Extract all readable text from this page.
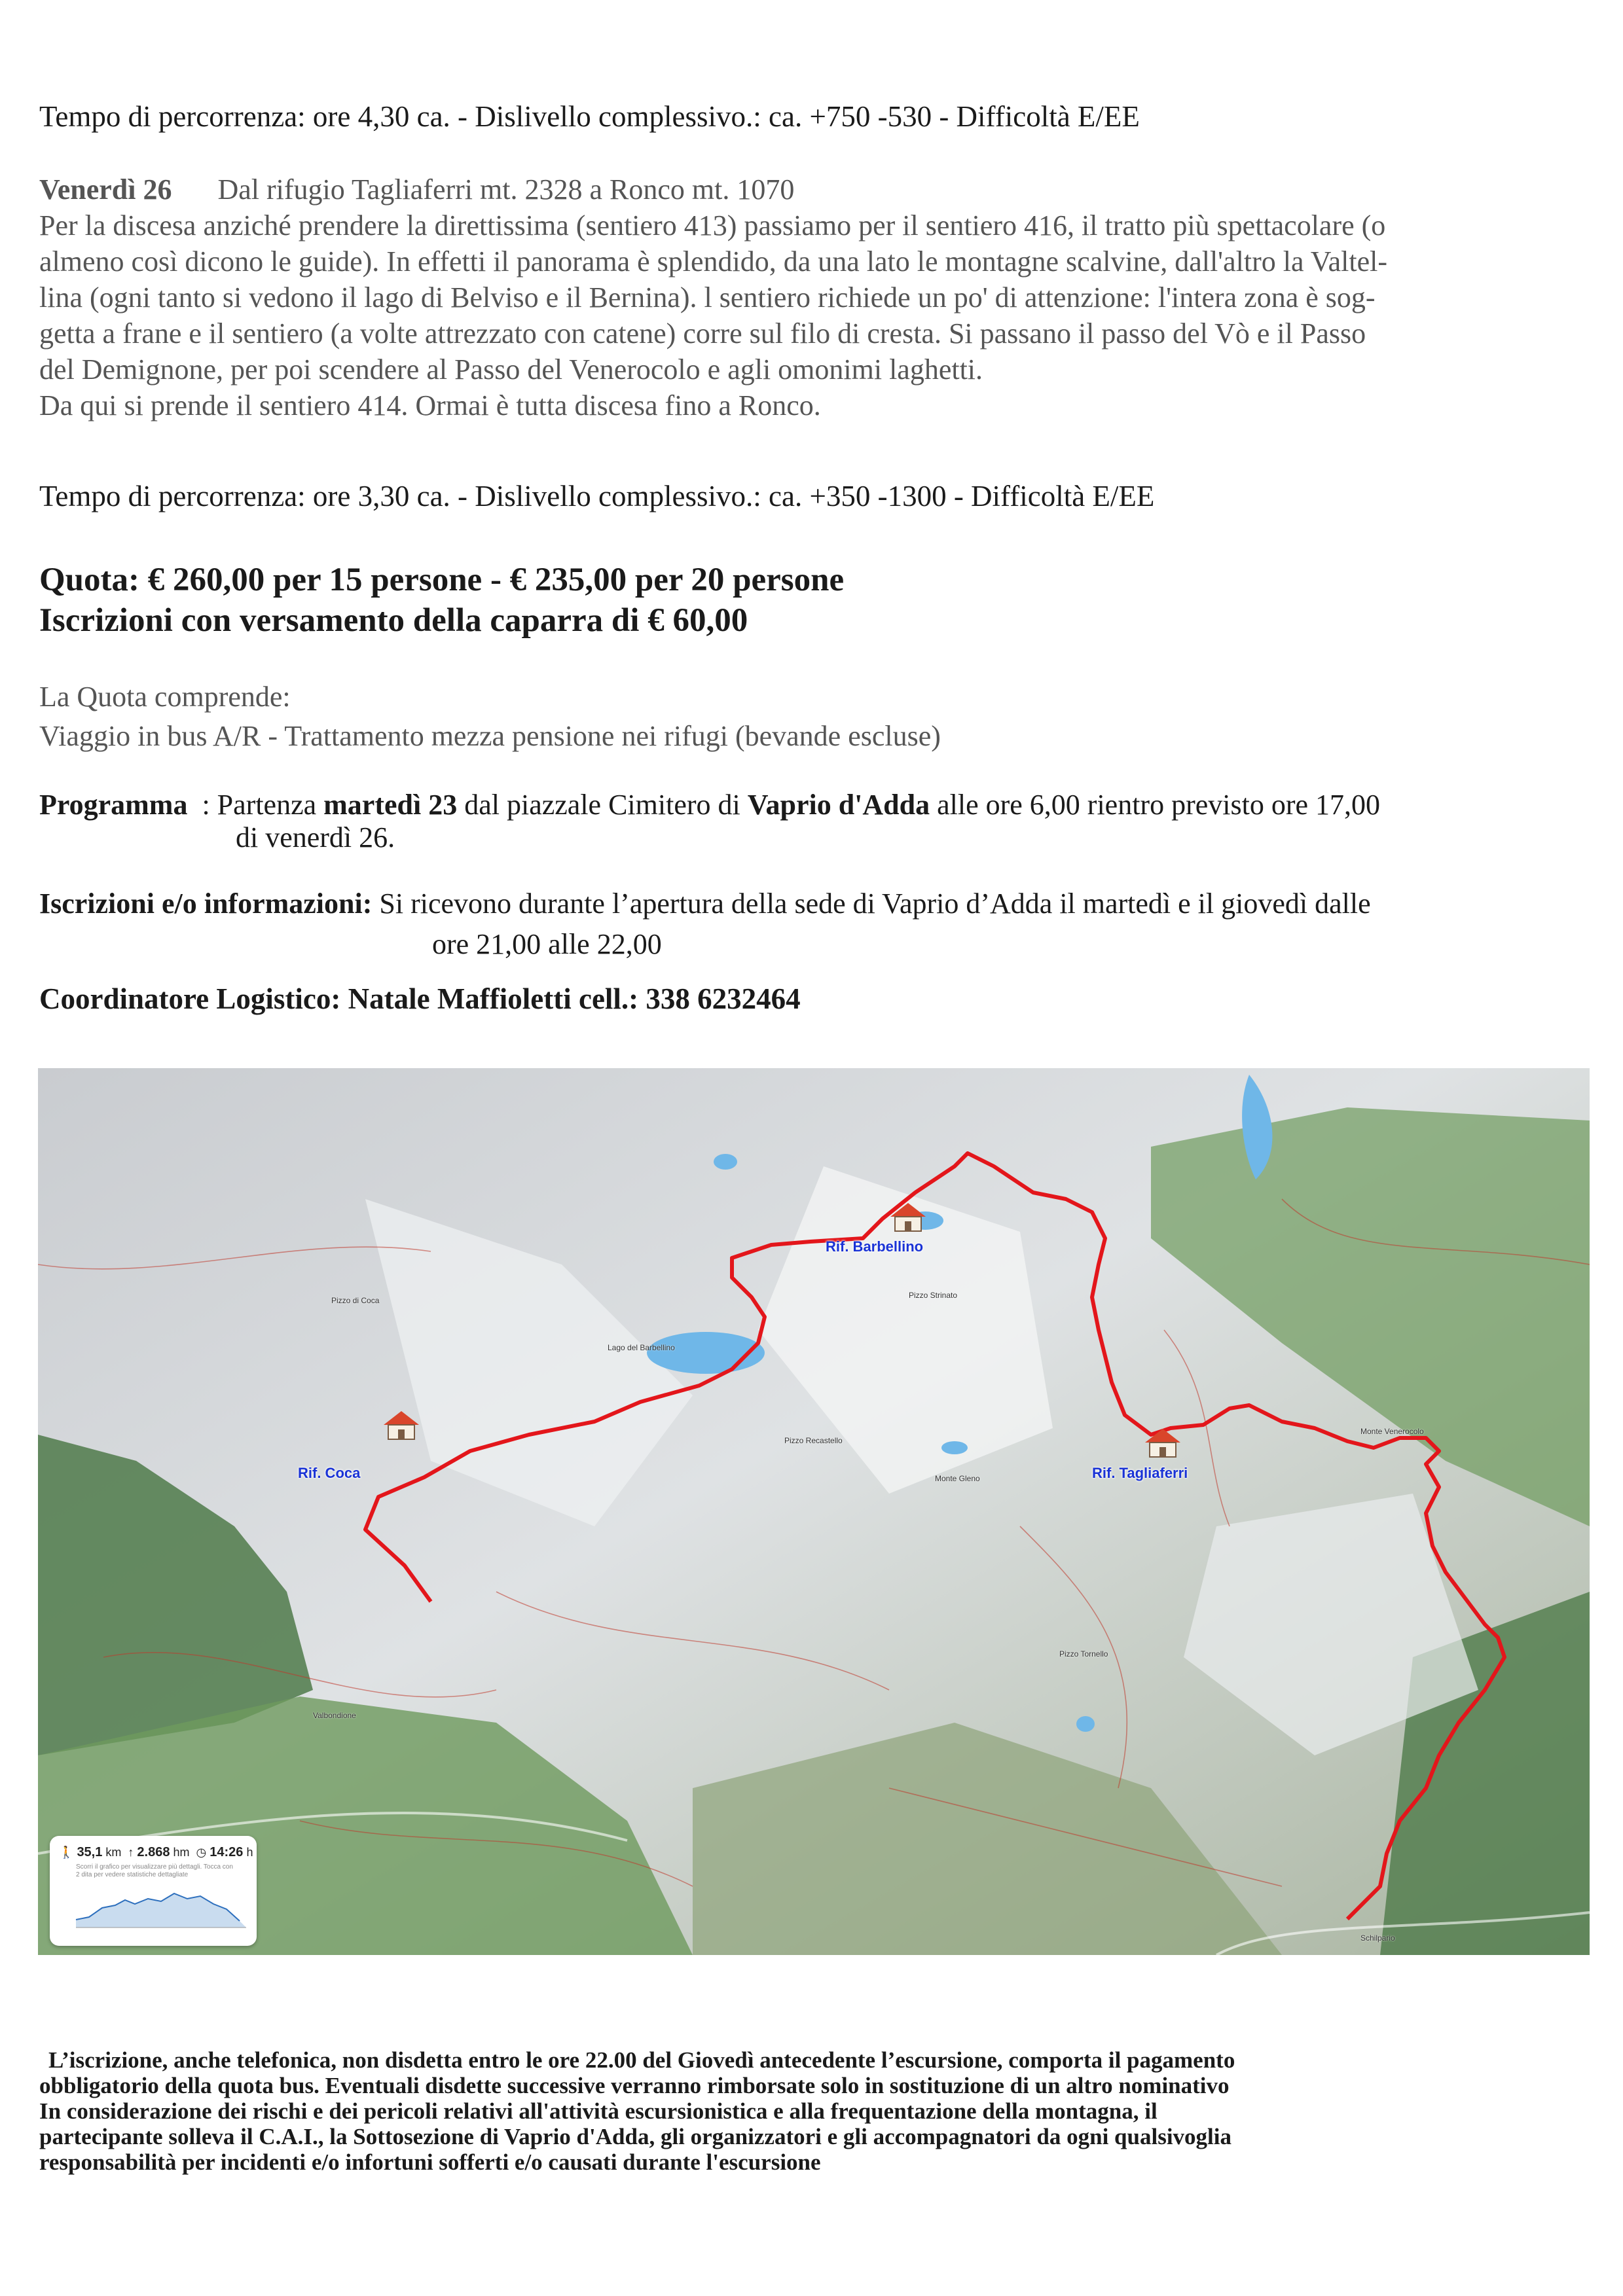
Tempo di percorrenza: ore 4,30 ca. - Dislivello complessivo.: ca. +750 -530 - Difficoltà E/EE
Venerdì 26 Dal rifugio Tagliaferri mt. 2328 a Ronco mt. 1070
Per la discesa anziché prendere la direttissima (sentiero 413) passiamo per il sentiero 416, il tratto più spettacolare (o
almeno così dicono le guide). In effetti il panorama è splendido, da una lato le montagne scalvine, dall'altro la Valtel-
lina (ogni tanto si vedono il lago di Belviso e il Bernina). l sentiero richiede un po' di attenzione: l'intera zona è sog-
getta a frane e il sentiero (a volte attrezzato con catene) corre sul filo di cresta. Si passano il passo del Vò e il Passo
del Demignone, per poi scendere al Passo del Venerocolo e agli omonimi laghetti.
Da qui si prende il sentiero 414. Ormai è tutta discesa fino a Ronco.
Tempo di percorrenza: ore 3,30 ca. - Dislivello complessivo.: ca. +350 -1300 - Difficoltà E/EE
Quota: € 260,00 per 15 persone - € 235,00 per 20 persone
Iscrizioni con versamento della caparra di € 60,00
La Quota comprende:
Viaggio in bus A/R - Trattamento mezza pensione nei rifugi (bevande escluse)
Programma  : Partenza martedì 23 dal piazzale Cimitero di Vaprio d'Adda alle ore 6,00 rientro previsto ore 17,00
di venerdì 26.
Iscrizioni e/o informazioni: Si ricevono durante l’apertura della sede di Vaprio d’Adda il martedì e il giovedì dalle
ore 21,00 alle 22,00
Coordinatore Logistico: Natale Maffioletti cell.: 338 6232464
Rif. Coca
Rif. Barbellino
Rif. Tagliaferri
Pizzo di Coca
Pizzo Strinato
Monte Gleno
Pizzo Recastello
Monte Venerocolo
Pizzo Tornello
Lago del Barbellino
Valbondione
Schilpario
🚶 35,1 km ↑ 2.868 hm ◷ 14:26 h
Scorri il grafico per visualizzare più dettagli. Tocca con 2 dita per vedere statistiche dettagliate
L’iscrizione, anche telefonica, non disdetta entro le ore 22.00 del Giovedì antecedente l’escursione, comporta il pagamento
obbligatorio della quota bus. Eventuali disdette successive verranno rimborsate solo in sostituzione di un altro nominativo
In considerazione dei rischi e dei pericoli relativi all'attività escursionistica e alla frequentazione della montagna, il
partecipante solleva il C.A.I., la Sottosezione di Vaprio d'Adda, gli organizzatori e gli accompagnatori da ogni qualsivoglia
responsabilità per incidenti e/o infortuni sofferti e/o causati durante l'escursione
